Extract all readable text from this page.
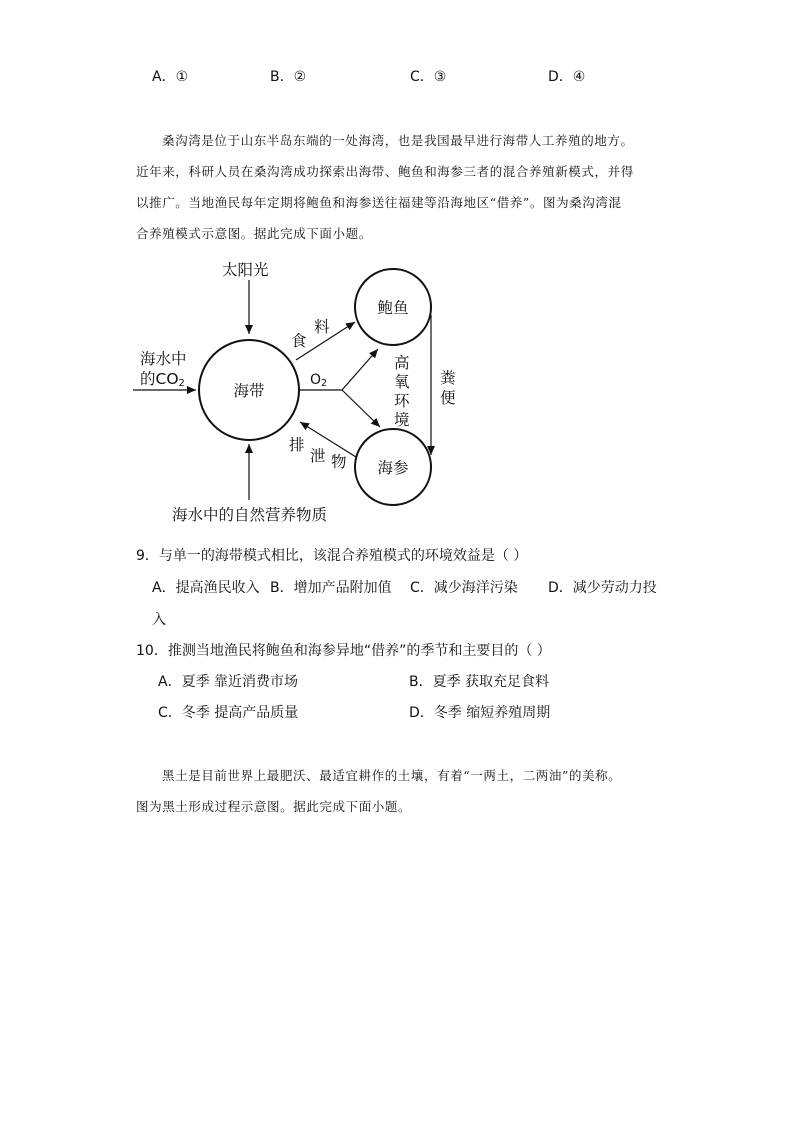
A．①	B．②	C．③	D．④
桑沟湾是位于山东半岛东端的一处海湾，也是我国最早进行海带人工养殖的地方。
近年来，科研人员在桑沟湾成功探索出海带、鲍鱼和海参三者的混合养殖新模式，并得
以推广。当地渔民每年定期将鲍鱼和海参送往福建等沿海地区“借养”。图为桑沟湾混
合养殖模式示意图。据此完成下面小题。
太阳光
海水中
的CO2	海带
鲍鱼
海参
O2
食
料
高
氧
环
境
粪
便
排
泄 物
海水中的自然营养物质
9．与单一的海带模式相比，该混合养殖模式的环境效益是（ ）
A．提高渔民收入 B．增加产品附加值 C．减少海洋污染 D．减少劳动力投
入
10．推测当地渔民将鲍鱼和海参异地“借养”的季节和主要目的（ ）
A．夏季 靠近消费市场	B．夏季 获取充足食料
C．冬季 提高产品质量	D．冬季 缩短养殖周期
黑土是目前世界上最肥沃、最适宜耕作的土壤，有着“一两土，二两油”的美称。
图为黑土形成过程示意图。据此完成下面小题。
